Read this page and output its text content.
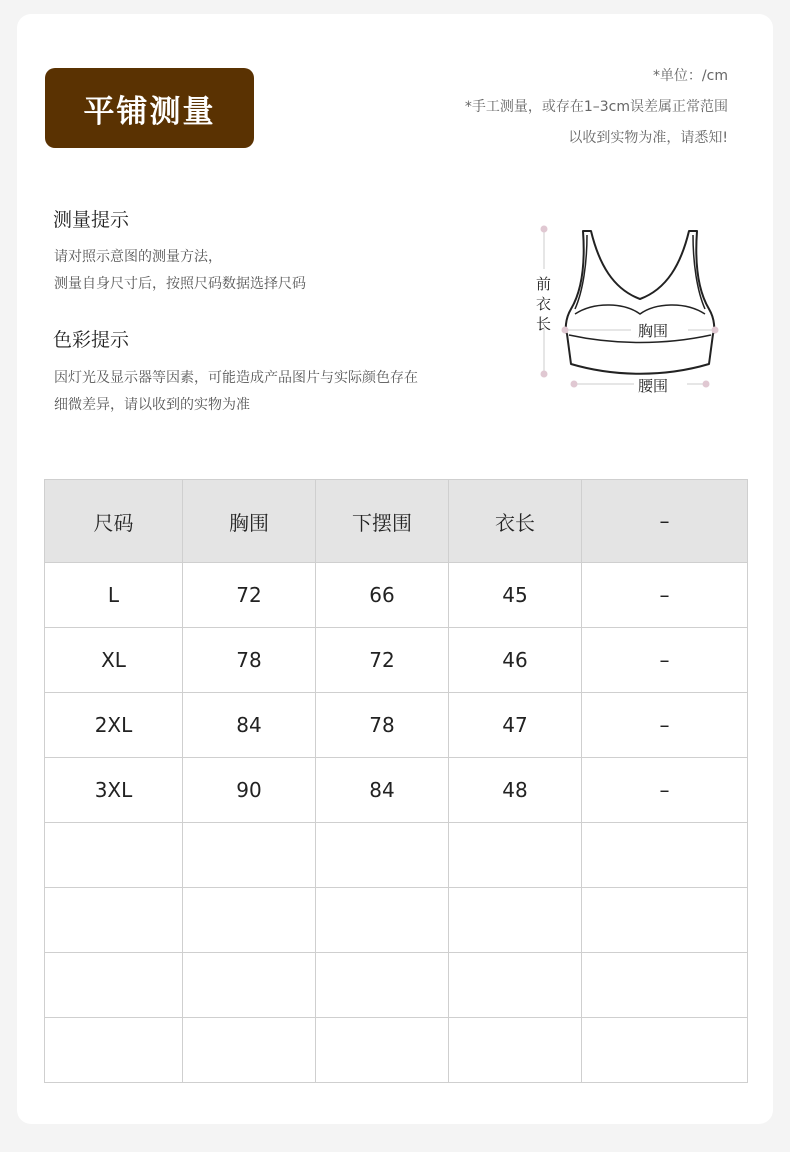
平铺测量
*单位：/cm
*手工测量，或存在1–3cm误差属正常范围
以收到实物为准，请悉知!
测量提示
请对照示意图的测量方法，
测量自身尺寸后，按照尺码数据选择尺码
色彩提示
因灯光及显示器等因素，可能造成产品图片与实际颜色存在
细微差异，请以收到的实物为准
前
衣
长	胸围
腰围
尺码	胸围	下摆围	衣长	–
L	72	66	45	–
XL	78	72	46	–
2XL	84	78	47	–
3XL	90	84	48	–
